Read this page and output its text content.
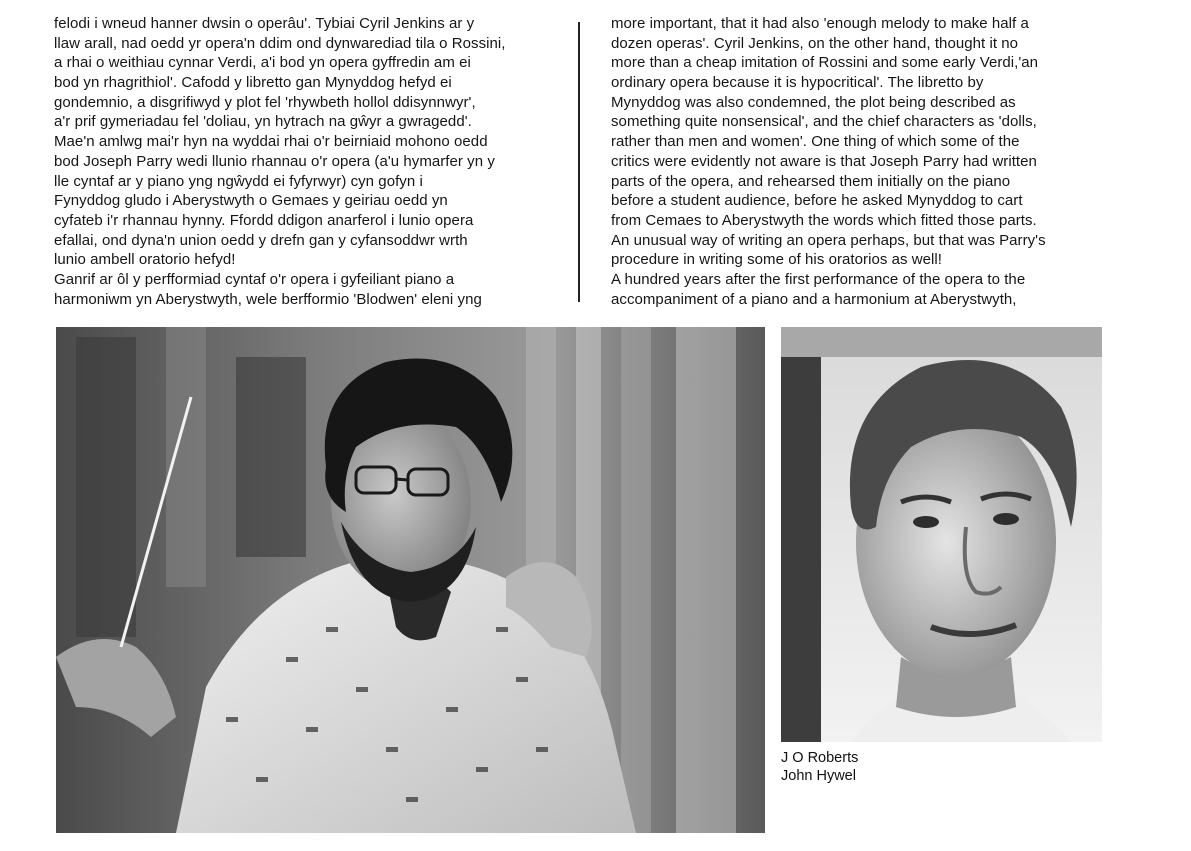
felodi i wneud hanner dwsin o operâu'. Tybiai Cyril Jenkins ar y
llaw arall, nad oedd yr opera'n ddim ond dynwarediad tila o Rossini,
a rhai o weithiau cynnar Verdi, a'i bod yn opera gyffredin am ei
bod yn rhagrithiol'. Cafodd y libretto gan Mynyddog hefyd ei
gondemnio, a disgrifiwyd y plot fel 'rhywbeth hollol ddisynnwyr',
a'r prif gymeriadau fel 'doliau, yn hytrach na gŵyr a gwragedd'.
Mae'n amlwg mai'r hyn na wyddai rhai o'r beirniaid mohono oedd
bod Joseph Parry wedi llunio rhannau o'r opera (a'u hymarfer yn y
lle cyntaf ar y piano yng ngŵydd ei fyfyrwyr) cyn gofyn i
Fynyddog gludo i Aberystwyth o Gemaes y geiriau oedd yn
cyfateb i'r rhannau hynny. Ffordd ddigon anarferol i lunio opera
efallai, ond dyna'n union oedd y drefn gan y cyfansoddwr wrth
lunio ambell oratorio hefyd!
Ganrif ar ôl y perfformiad cyntaf o'r opera i gyfeiliant piano a
harmoniwm yn Aberystwyth, wele berfformio 'Blodwen' eleni yng
more important, that it had also 'enough melody to make half a
dozen operas'. Cyril Jenkins, on the other hand, thought it no
more than a cheap imitation of Rossini and some early Verdi,'an
ordinary opera because it is hypocritical'. The libretto by
Mynyddog was also condemned, the plot being described as
something quite nonsensical', and the chief characters as 'dolls,
rather than men and women'. One thing of which some of the
critics were evidently not aware is that Joseph Parry had written
parts of the opera, and rehearsed them initially on the piano
before a student audience, before he asked Mynyddog to cart
from Cemaes to Aberystwyth the words which fitted those parts.
An unusual way of writing an opera perhaps, but that was Parry's
procedure in writing some of his oratorios as well!
A hundred years after the first performance of the opera to the
accompaniment of a piano and a harmonium at Aberystwyth,
J O Roberts
John Hywel
